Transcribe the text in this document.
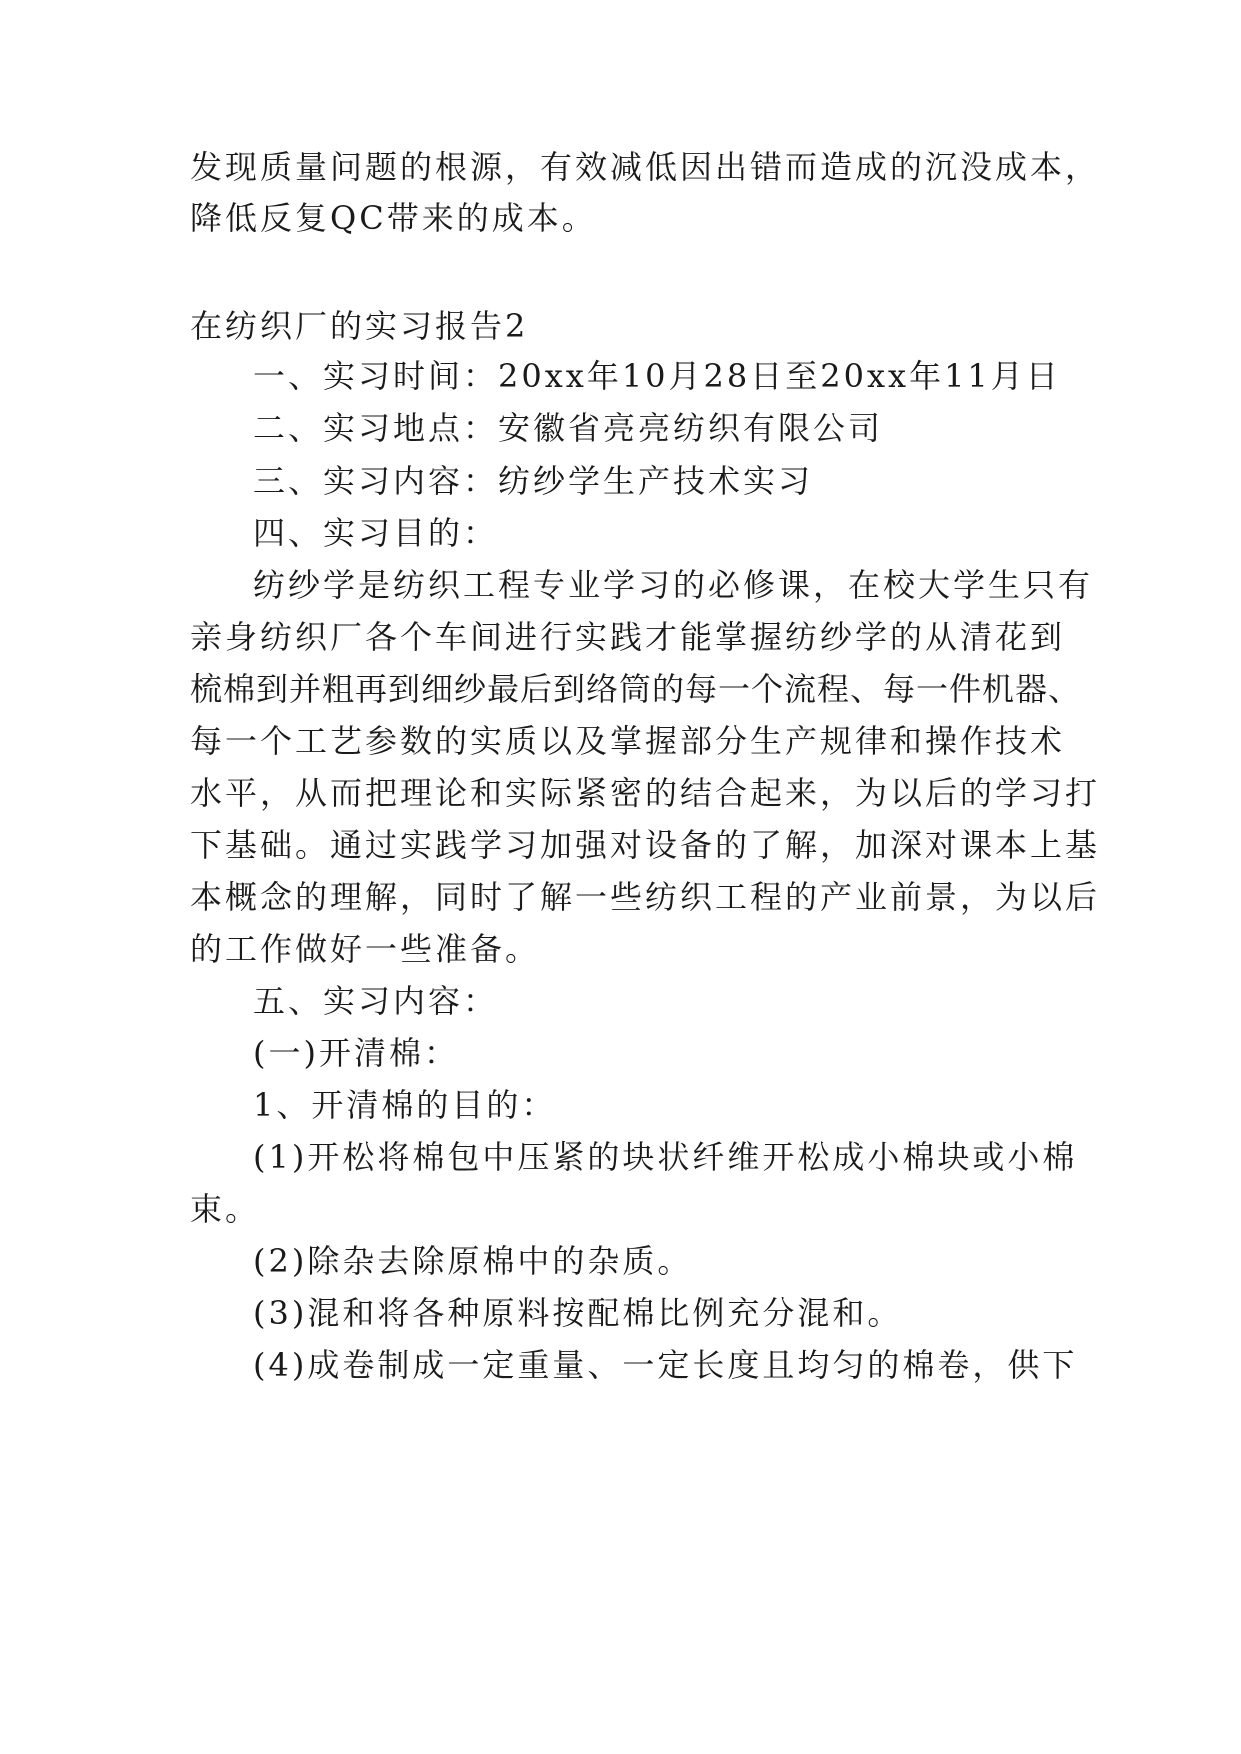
发现质量问题的根源，有效减低因出错而造成的沉没成本，
降低反复QC带来的成本。
在纺织厂的实习报告2
一、实习时间：20xx年10月28日至20xx年11月日
二、实习地点：安徽省亮亮纺织有限公司
三、实习内容：纺纱学生产技术实习
四、实习目的：
纺纱学是纺织工程专业学习的必修课，在校大学生只有
亲身纺织厂各个车间进行实践才能掌握纺纱学的从清花到
梳棉到并粗再到细纱最后到络筒的每一个流程、每一件机器、
每一个工艺参数的实质以及掌握部分生产规律和操作技术
水平，从而把理论和实际紧密的结合起来，为以后的学习打
下基础。通过实践学习加强对设备的了解，加深对课本上基
本概念的理解，同时了解一些纺织工程的产业前景，为以后
的工作做好一些准备。
五、实习内容：
(一)开清棉：
1、开清棉的目的：
(1)开松将棉包中压紧的块状纤维开松成小棉块或小棉
束。
(2)除杂去除原棉中的杂质。
(3)混和将各种原料按配棉比例充分混和。
(4)成卷制成一定重量、一定长度且均匀的棉卷，供下
